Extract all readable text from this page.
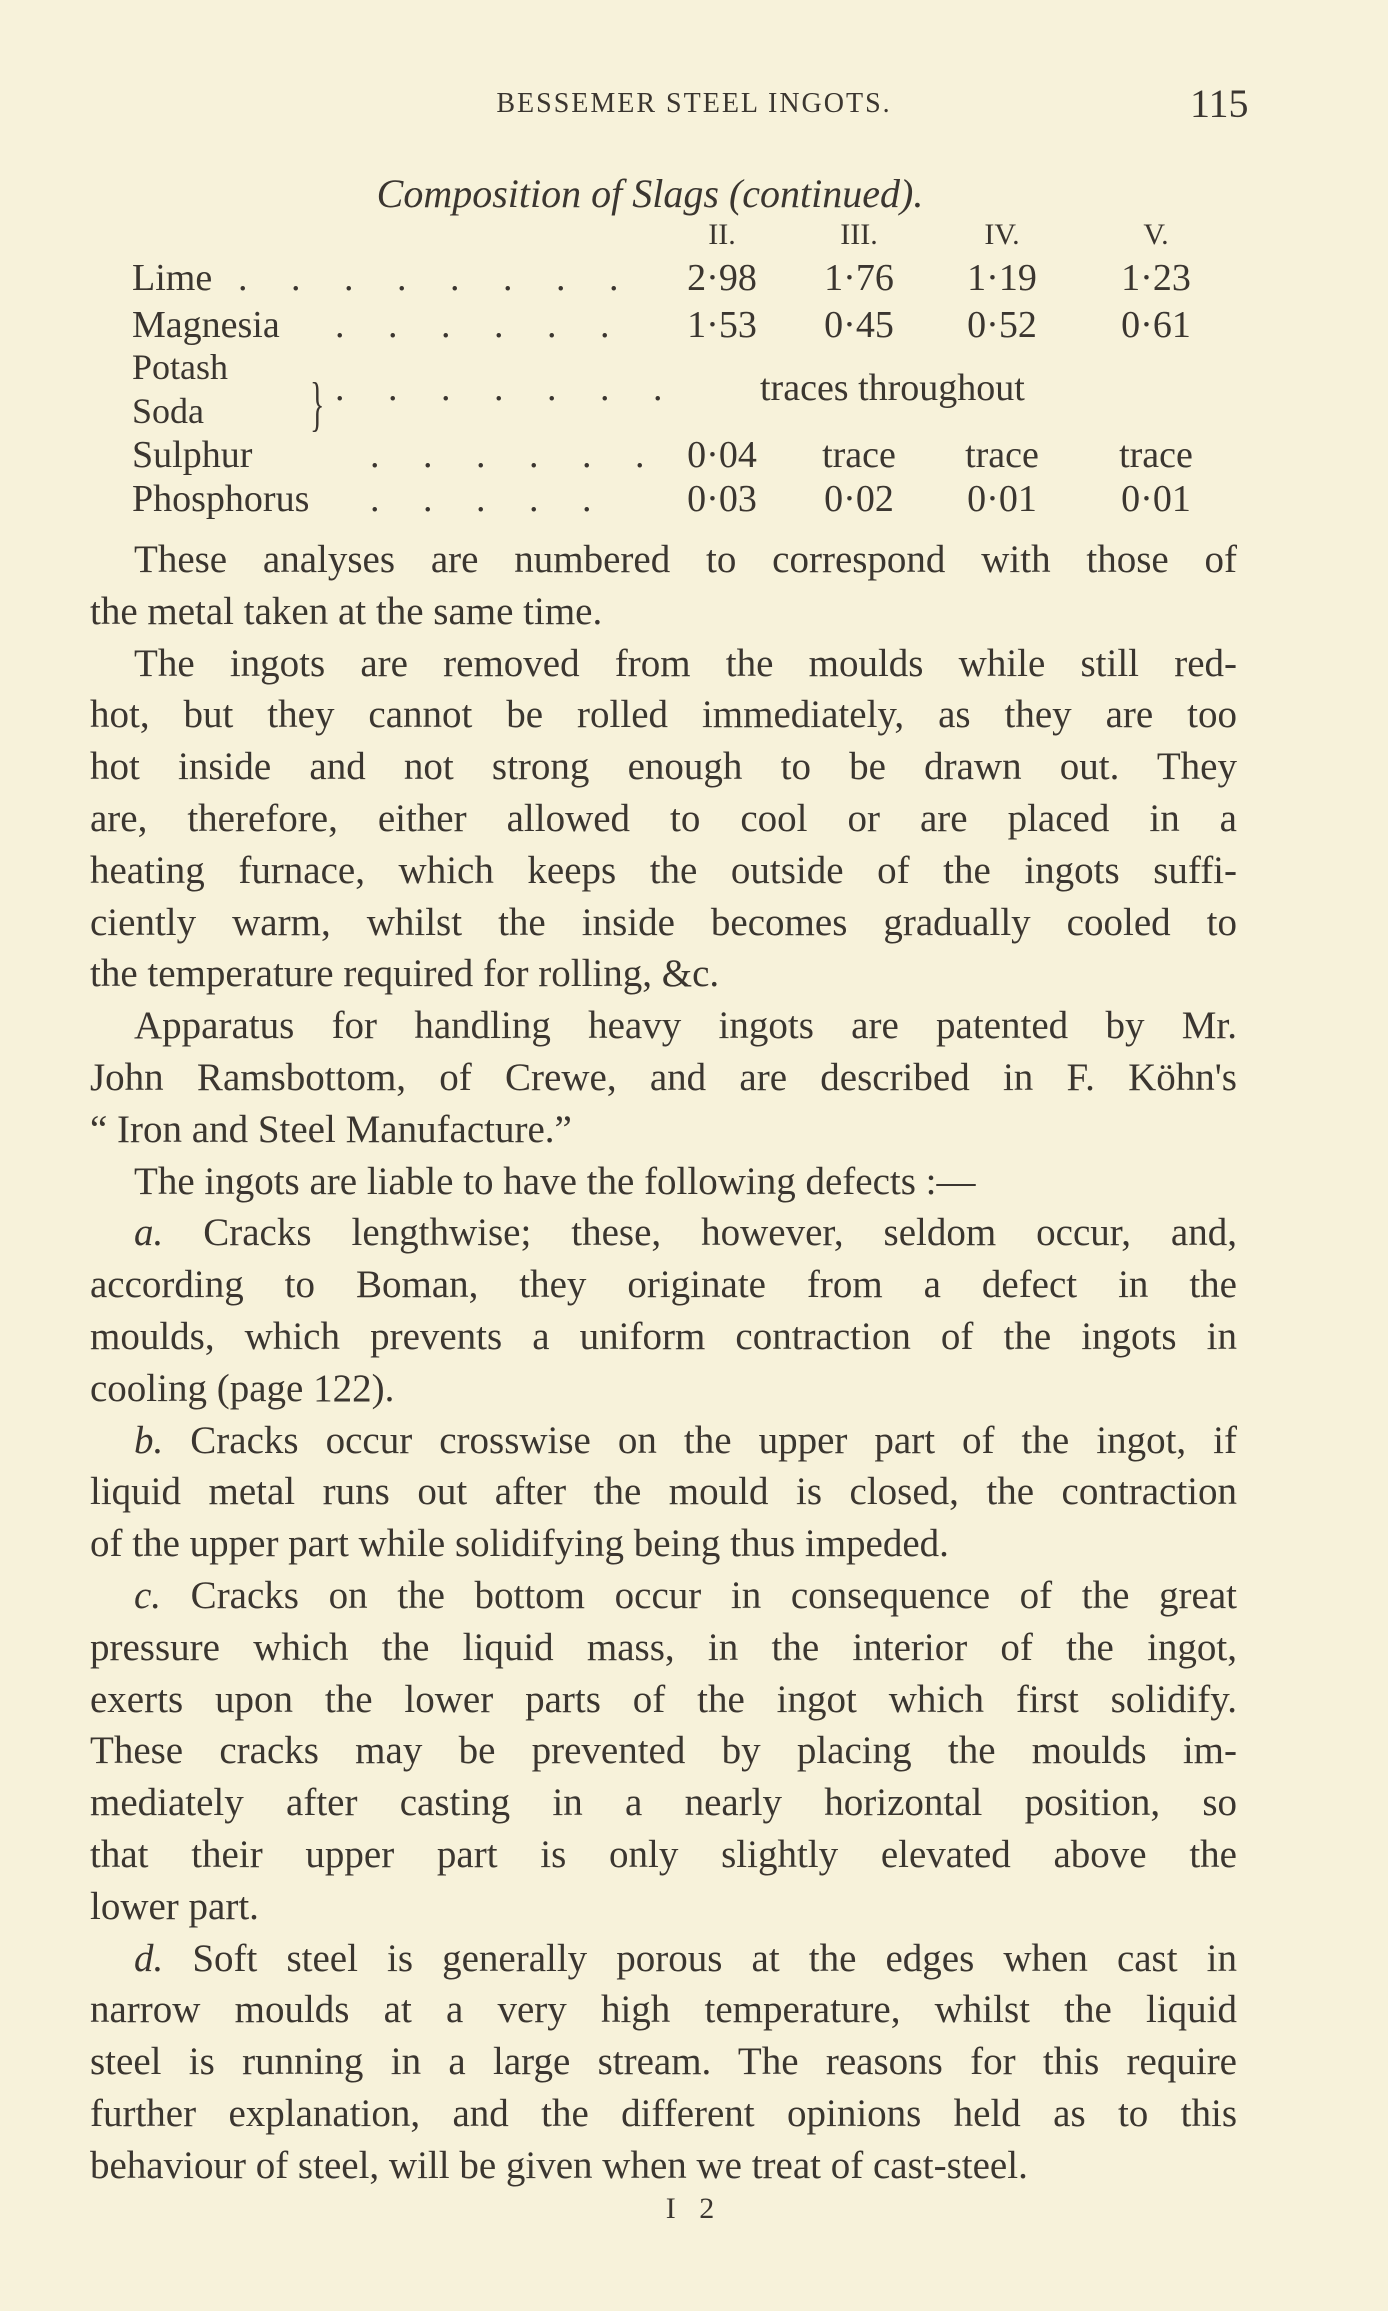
BESSEMER STEEL INGOTS.	115
Composition of Slags (continued).
II.	III.	IV.	V.
Lime . . . . . . . .	2·98	1·76	1·19	1·23
Magnesia . . . . . .	1·53	0·45	0·52	0·61
Potash
Soda } . . . . . . . traces throughout
Sulphur	. . . . . . 0·04	trace	trace	trace
Phosphorus . . . . .	0·03	0·02	0·01	0·01
These analyses are numbered to correspond with those of
the metal taken at the same time.
The ingots are removed from the moulds while still red-
hot, but they cannot be rolled immediately, as they are too
hot inside and not strong enough to be drawn out. They
are, therefore, either allowed to cool or are placed in a
heating furnace, which keeps the outside of the ingots suffi-
ciently warm, whilst the inside becomes gradually cooled to
the temperature required for rolling, &c.
Apparatus for handling heavy ingots are patented by Mr.
John Ramsbottom, of Crewe, and are described in F. Köhn's
“ Iron and Steel Manufacture.”
The ingots are liable to have the following defects :—
a. Cracks lengthwise; these, however, seldom occur, and,
according to Boman, they originate from a defect in the
moulds, which prevents a uniform contraction of the ingots in
cooling (page 122).
b. Cracks occur crosswise on the upper part of the ingot, if
liquid metal runs out after the mould is closed, the contraction
of the upper part while solidifying being thus impeded.
c. Cracks on the bottom occur in consequence of the great
pressure which the liquid mass, in the interior of the ingot,
exerts upon the lower parts of the ingot which first solidify.
These cracks may be prevented by placing the moulds im-
mediately after casting in a nearly horizontal position, so
that their upper part is only slightly elevated above the
lower part.
d. Soft steel is generally porous at the edges when cast in
narrow moulds at a very high temperature, whilst the liquid
steel is running in a large stream. The reasons for this require
further explanation, and the different opinions held as to this
behaviour of steel, will be given when we treat of cast-steel.
I 2
